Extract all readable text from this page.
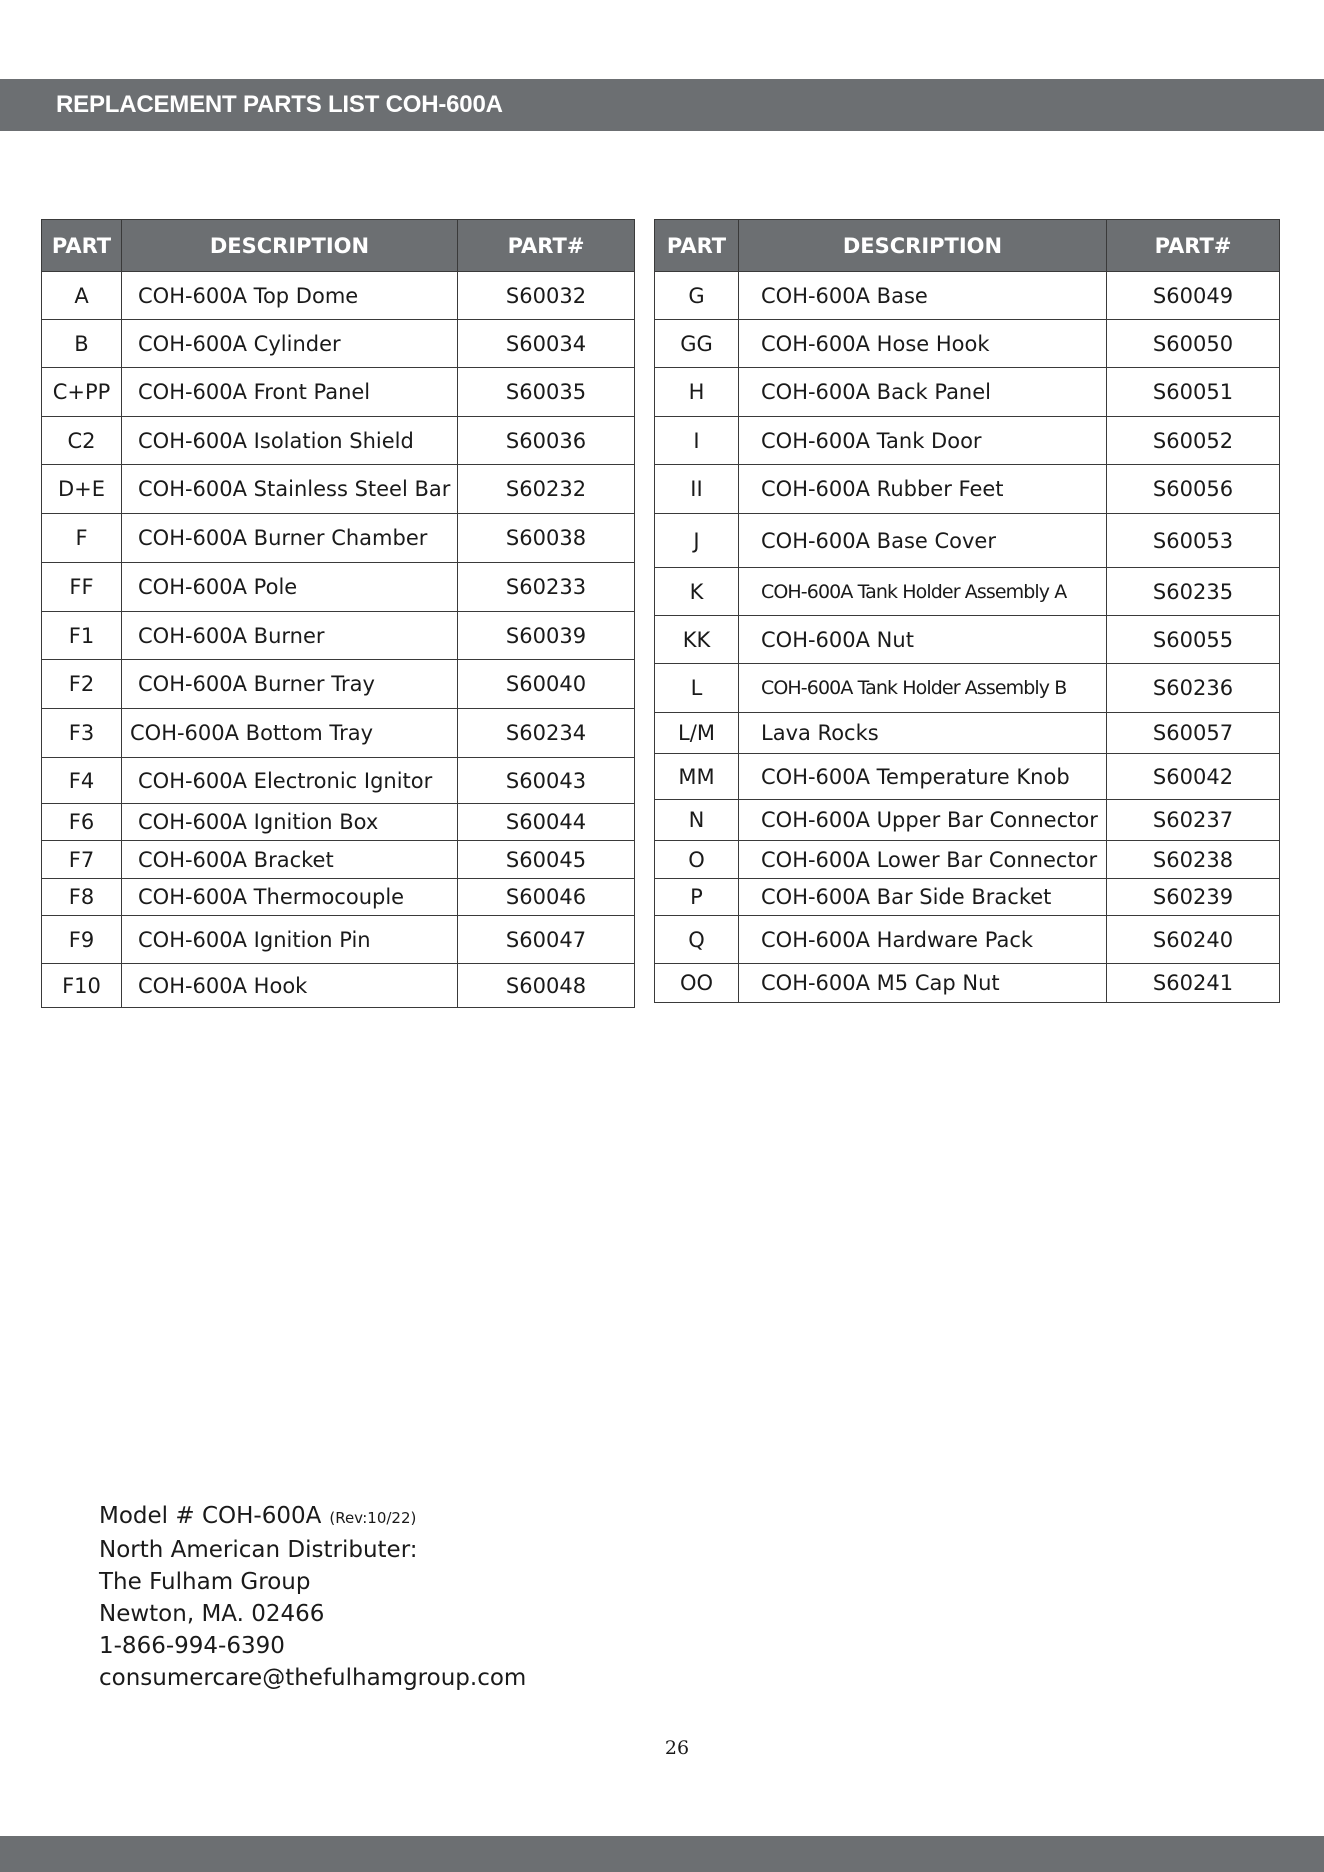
REPLACEMENT PARTS LIST COH-600A
PART	DESCRIPTION	PART#
A	COH-600A Top Dome	S60032
B	COH-600A Cylinder	S60034
C+PP	COH-600A Front Panel	S60035
C2	COH-600A Isolation Shield	S60036
D+E	COH-600A Stainless Steel Bar	S60232
F	COH-600A Burner Chamber	S60038
FF	COH-600A Pole	S60233
F1	COH-600A Burner	S60039
F2	COH-600A Burner Tray	S60040
F3	COH-600A Bottom Tray	S60234
F4	COH-600A Electronic Ignitor	S60043
F6	COH-600A Ignition Box	S60044
F7	COH-600A Bracket	S60045
F8	COH-600A Thermocouple	S60046
F9	COH-600A Ignition Pin	S60047
F10	COH-600A Hook	S60048
PART	DESCRIPTION	PART#
G	COH-600A Base	S60049
GG	COH-600A Hose Hook	S60050
H	COH-600A Back Panel	S60051
I	COH-600A Tank Door	S60052
II	COH-600A Rubber Feet	S60056
J	COH-600A Base Cover	S60053
K	COH-600A Tank Holder Assembly A	S60235
KK	COH-600A Nut	S60055
L	COH-600A Tank Holder Assembly B	S60236
L/M	Lava Rocks	S60057
MM	COH-600A Temperature Knob	S60042
N	COH-600A Upper Bar Connector	S60237
O	COH-600A Lower Bar Connector	S60238
P	COH-600A Bar Side Bracket	S60239
Q	COH-600A Hardware Pack	S60240
OO	COH-600A M5 Cap Nut	S60241
Model # COH-600A (Rev:10/22)
North American Distributer:
The Fulham Group
Newton, MA. 02466
1-866-994-6390
consumercare@thefulhamgroup.com
26
